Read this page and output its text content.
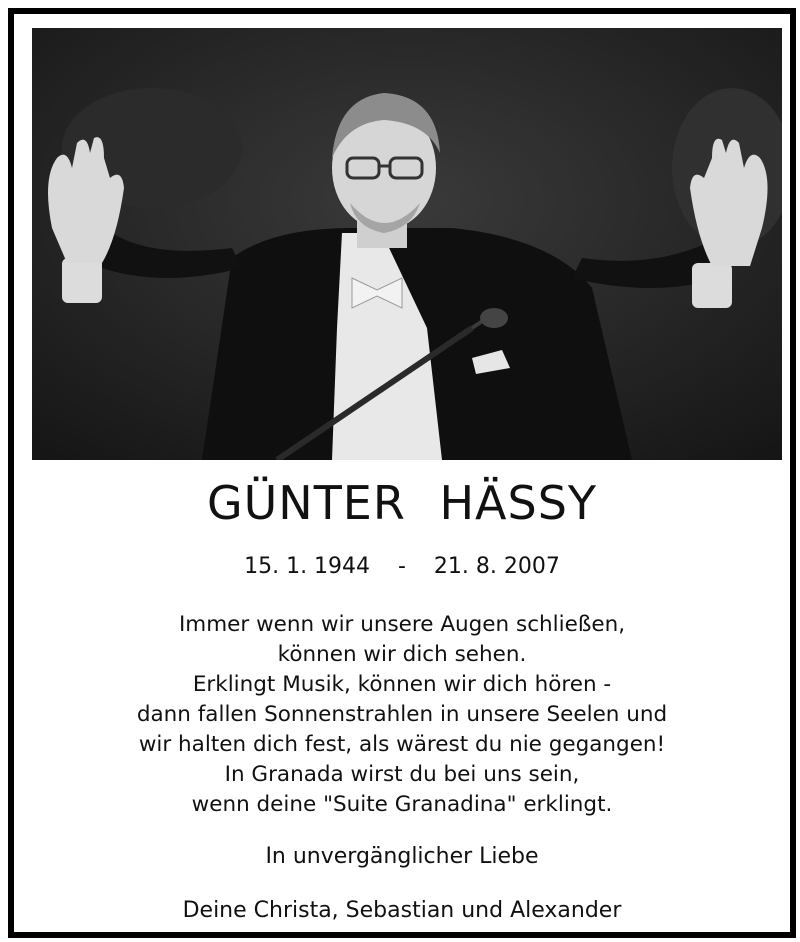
GÜNTER HÄSSY
15. 1. 1944    -    21. 8. 2007
Immer wenn wir unsere Augen schließen,
können wir dich sehen.
Erklingt Musik, können wir dich hören -
dann fallen Sonnenstrahlen in unsere Seelen und
wir halten dich fest, als wärest du nie gegangen!
In Granada wirst du bei uns sein,
wenn deine "Suite Granadina" erklingt.
In unvergänglicher Liebe
Deine Christa, Sebastian und Alexander
